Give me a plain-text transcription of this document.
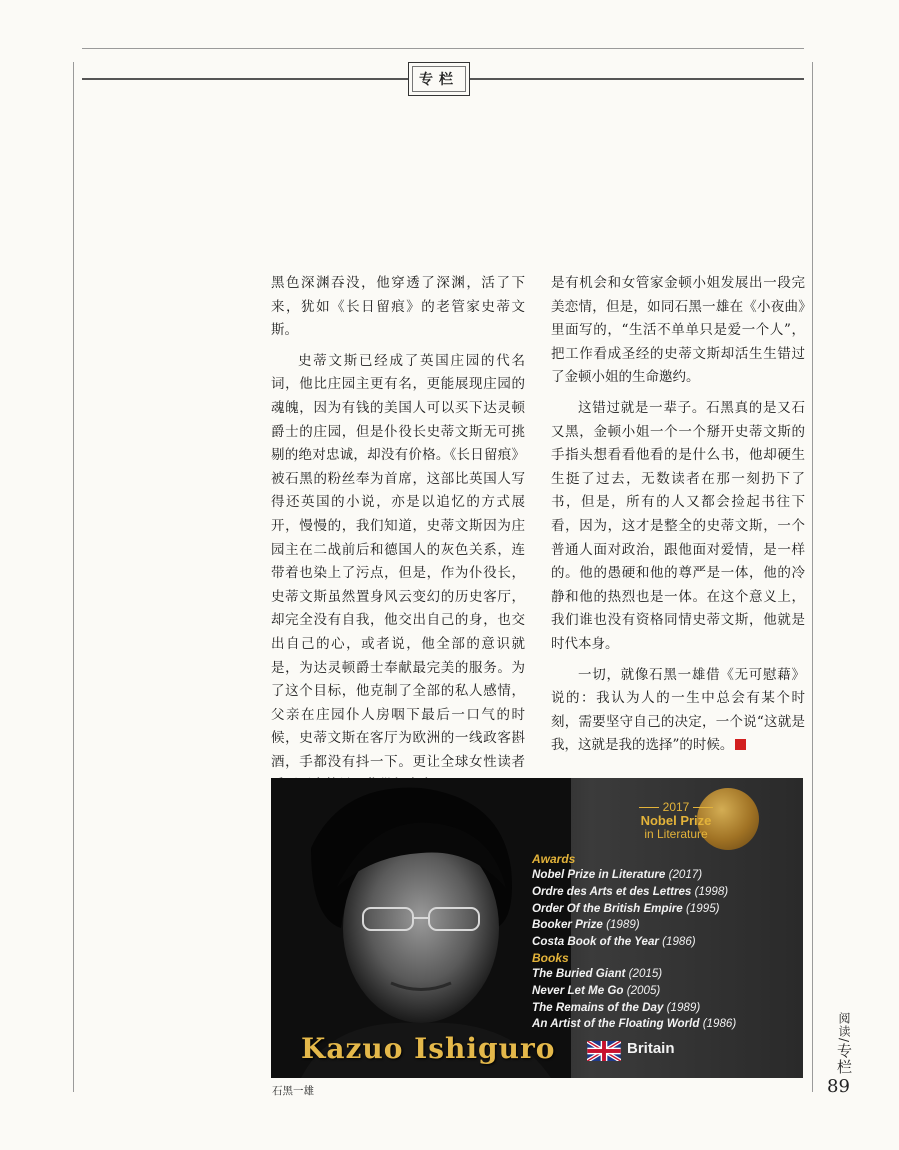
专栏

黑色深渊吞没，他穿透了深渊，活了下来，犹如《长日留痕》的老管家史蒂文斯。

史蒂文斯已经成了英国庄园的代名词，他比庄园主更有名，更能展现庄园的魂魄，因为有钱的美国人可以买下达灵顿爵士的庄园，但是仆役长史蒂文斯无可挑剔的绝对忠诚，却没有价格。《长日留痕》被石黑的粉丝奉为首席，这部比英国人写得还英国的小说，亦是以追忆的方式展开，慢慢的，我们知道，史蒂文斯因为庄园主在二战前后和德国人的灰色关系，连带着也染上了污点，但是，作为仆役长，史蒂文斯虽然置身风云变幻的历史客厅，却完全没有自我，他交出自己的身，也交出自己的心，或者说，他全部的意识就是，为达灵顿爵士奉献最完美的服务。为了这个目标，他克制了全部的私人感情，父亲在庄园仆人房咽下最后一口气的时候，史蒂文斯在客厅为欧洲的一线政客斟酒，手都没有抖一下。更让全球女性读者

是有机会和女管家金顿小姐发展出一段完美恋情，但是，如同石黑一雄在《小夜曲》里面写的，“生活不单单只是爱一个人”，把工作看成圣经的史蒂文斯却活生生错过了金顿小姐的生命邀约。

这错过就是一辈子。石黑真的是又石又黑，金顿小姐一个一个掰开史蒂文斯的手指头想看看他看的是什么书，他却硬生生挺了过去，无数读者在那一刻扔下了书，但是，所有的人又都会捡起书往下看，因为，这才是整全的史蒂文斯，一个普通人面对政治，跟他面对爱情，是一样的。他的愚硬和他的尊严是一体，他的冷静和他的热烈也是一体。在这个意义上，我们谁也没有资格同情史蒂文斯，他就是时代本身。

一切，就像石黑一雄借《无可慰藉》说的：我认为人的一生中总会有某个时刻，需要坚守自己的决定，一个说“这就是我，这就是我的选择”的时候。

2017
Nobel Prize
in Literature
Awards
Nobel Prize in Literature (2017)
Ordre des Arts et des Lettres (1998)
Order Of the British Empire (1995)
Booker Prize (1989)
Costa Book of the Year (1986)
Books
The Buried Giant (2015)
Never Let Me Go (2005)
The Remains of the Day (1989)
An Artist of the Floating World (1986)
Kazuo Ishiguro	Britain
石黑一雄
阅读/专栏
89
